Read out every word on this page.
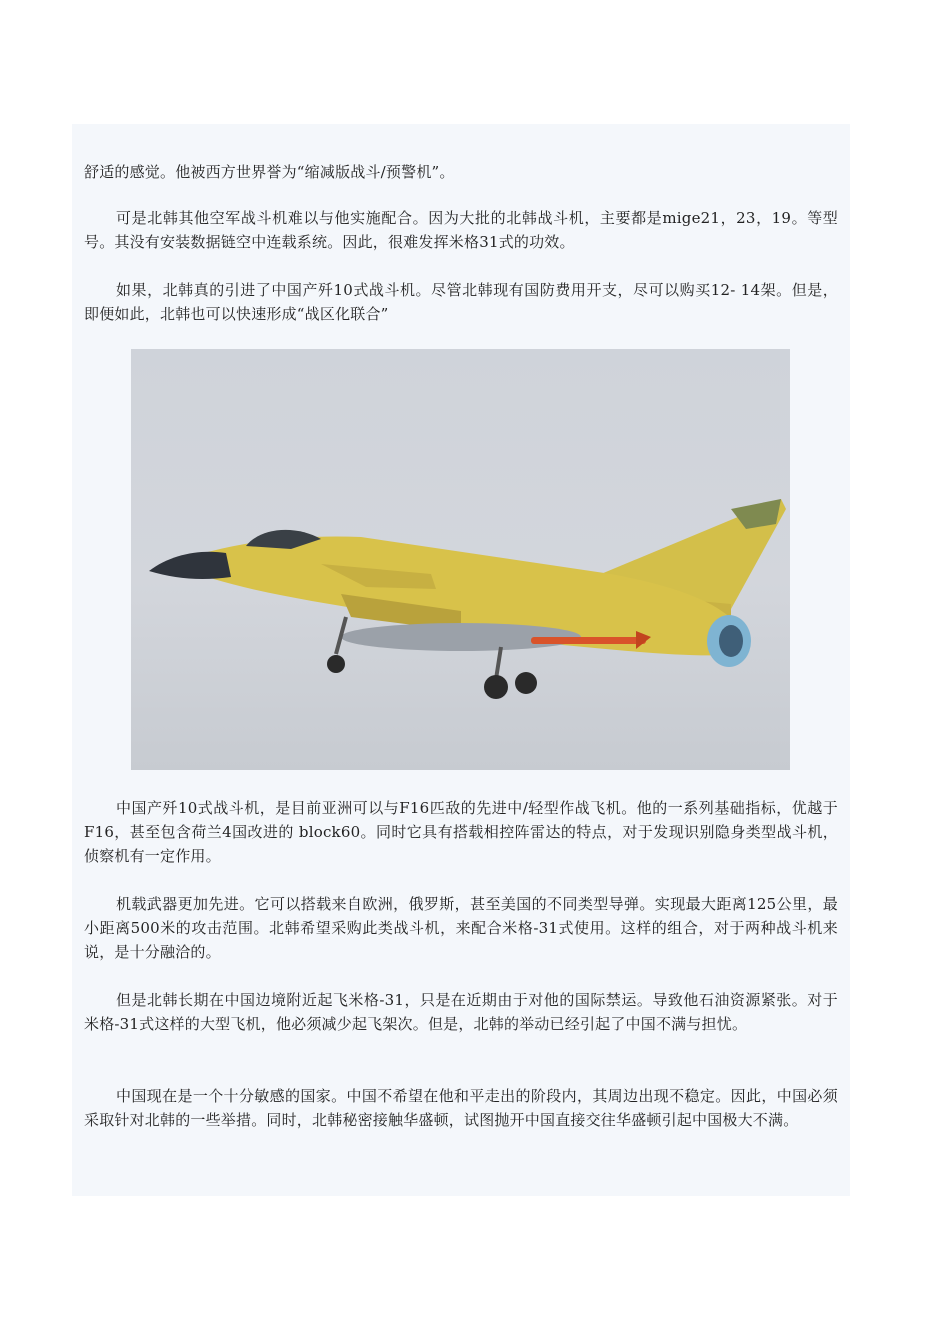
舒适的感觉。他被西方世界誉为“缩减版战斗/预警机”。

可是北韩其他空军战斗机难以与他实施配合。因为大批的北韩战斗机，主要都是mige21，23，19。等型号。其没有安装数据链空中连载系统。因此，很难发挥米格31式的功效。

如果，北韩真的引进了中国产歼10式战斗机。尽管北韩现有国防费用开支，尽可以购买12- 14架。但是，即便如此，北韩也可以快速形成“战区化联合”

中国产歼10式战斗机，是目前亚洲可以与F16匹敌的先进中/轻型作战飞机。他的一系列基础指标，优越于F16，甚至包含荷兰4国改进的 block60。同时它具有搭载相控阵雷达的特点，对于发现识别隐身类型战斗机，侦察机有一定作用。

机载武器更加先进。它可以搭载来自欧洲，俄罗斯，甚至美国的不同类型导弹。实现最大距离125公里，最小距离500米的攻击范围。北韩希望采购此类战斗机，来配合米格-31式使用。这样的组合，对于两种战斗机来说，是十分融洽的。

但是北韩长期在中国边境附近起飞米格-31，只是在近期由于对他的国际禁运。导致他石油资源紧张。对于米格-31式这样的大型飞机，他必须减少起飞架次。但是，北韩的举动已经引起了中国不满与担忧。

中国现在是一个十分敏感的国家。中国不希望在他和平走出的阶段内，其周边出现不稳定。因此，中国必须采取针对北韩的一些举措。同时，北韩秘密接触华盛顿，试图抛开中国直接交往华盛顿引起中国极大不满。
